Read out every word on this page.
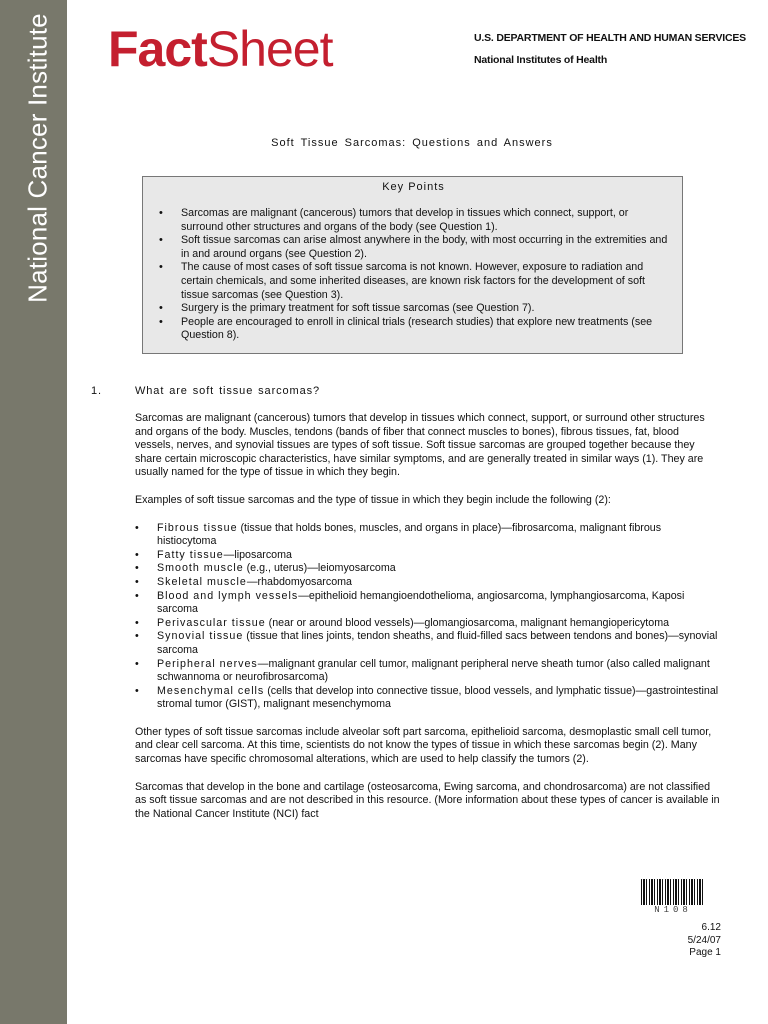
National Cancer Institute FactSheet	U.S. DEPARTMENT OF HEALTH AND HUMAN SERVICES
National Institutes of Health
Soft Tissue Sarcomas: Questions and Answers
Key Points
• Sarcomas are malignant (cancerous) tumors that develop in tissues which connect, support, or surround other structures and organs of the body (see Question 1).
• Soft tissue sarcomas can arise almost anywhere in the body, with most occurring in the extremities and in and around organs (see Question 2).
• The cause of most cases of soft tissue sarcoma is not known. However, exposure to radiation and certain chemicals, and some inherited diseases, are known risk factors for the development of soft tissue sarcomas (see Question 3).
• Surgery is the primary treatment for soft tissue sarcomas (see Question 7).
• People are encouraged to enroll in clinical trials (research studies) that explore new treatments (see Question 8).
1.	What are soft tissue sarcomas?

Sarcomas are malignant (cancerous) tumors that develop in tissues which connect, support, or surround other structures and organs of the body. Muscles, tendons (bands of fiber that connect muscles to bones), fibrous tissues, fat, blood vessels, nerves, and synovial tissues are types of soft tissue. Soft tissue sarcomas are grouped together because they share certain microscopic characteristics, have similar symptoms, and are generally treated in similar ways (1). They are usually named for the type of tissue in which they begin.

Examples of soft tissue sarcomas and the type of tissue in which they begin include the following (2):

• Fibrous tissue (tissue that holds bones, muscles, and organs in place)—fibrosarcoma, malignant fibrous histiocytoma
• Fatty tissue—liposarcoma
• Smooth muscle (e.g., uterus)—leiomyosarcoma
• Skeletal muscle—rhabdomyosarcoma
• Blood and lymph vessels—epithelioid hemangioendothelioma, angiosarcoma, lymphangiosarcoma, Kaposi sarcoma
• Perivascular tissue (near or around blood vessels)—glomangiosarcoma, malignant hemangiopericytoma
• Synovial tissue (tissue that lines joints, tendon sheaths, and fluid-filled sacs between tendons and bones)—synovial sarcoma
• Peripheral nerves—malignant granular cell tumor, malignant peripheral nerve sheath tumor (also called malignant schwannoma or neurofibrosarcoma)
• Mesenchymal cells (cells that develop into connective tissue, blood vessels, and lymphatic tissue)—gastrointestinal stromal tumor (GIST), malignant mesenchymoma

Other types of soft tissue sarcomas include alveolar soft part sarcoma, epithelioid sarcoma, desmoplastic small cell tumor, and clear cell sarcoma. At this time, scientists do not know the types of tissue in which these sarcomas begin (2). Many sarcomas have specific chromosomal alterations, which are used to help classify the tumors (2).

Sarcomas that develop in the bone and cartilage (osteosarcoma, Ewing sarcoma, and chondrosarcoma) are not classified as soft tissue sarcomas and are not described in this resource. (More information about these types of cancer is available in the National Cancer Institute (NCI) fact

N108
6.12
5/24/07
Page 1
